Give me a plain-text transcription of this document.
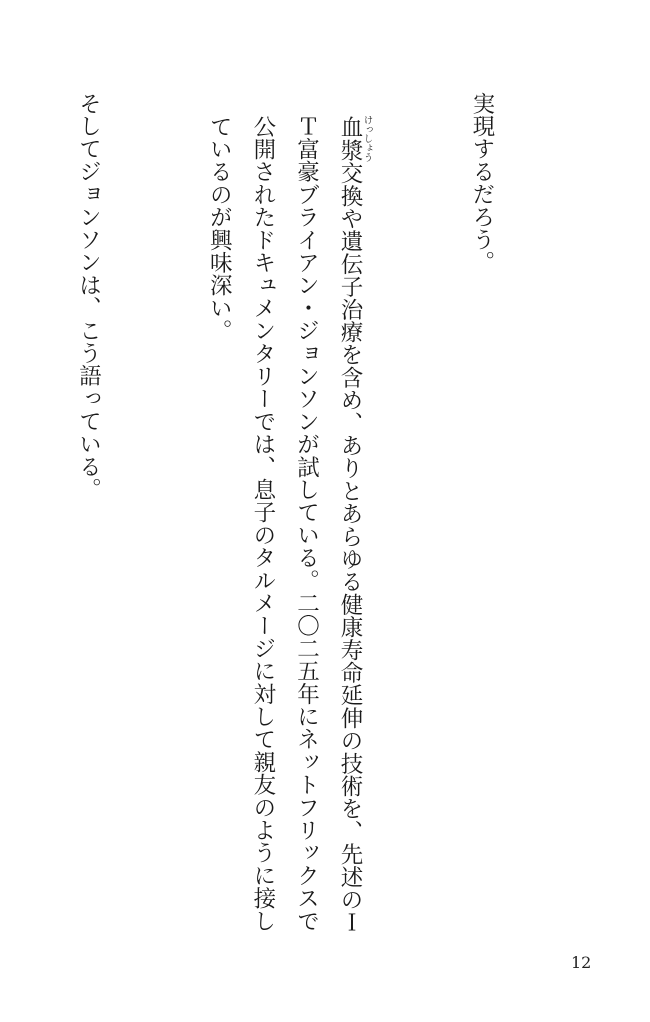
実現するだろう。

血漿けっしょう交換や遺伝子治療を含め、ありとあらゆる健康寿命延伸の技術を、先述のＩＴ富豪ブライアン・ジョンソンが試している。二〇二五年にネットフリックスで公開されたドキュメンタリーでは、息子のタルメージに対して親友のように接しているのが興味深い。

そしてジョンソンは、こう語っている。

12
